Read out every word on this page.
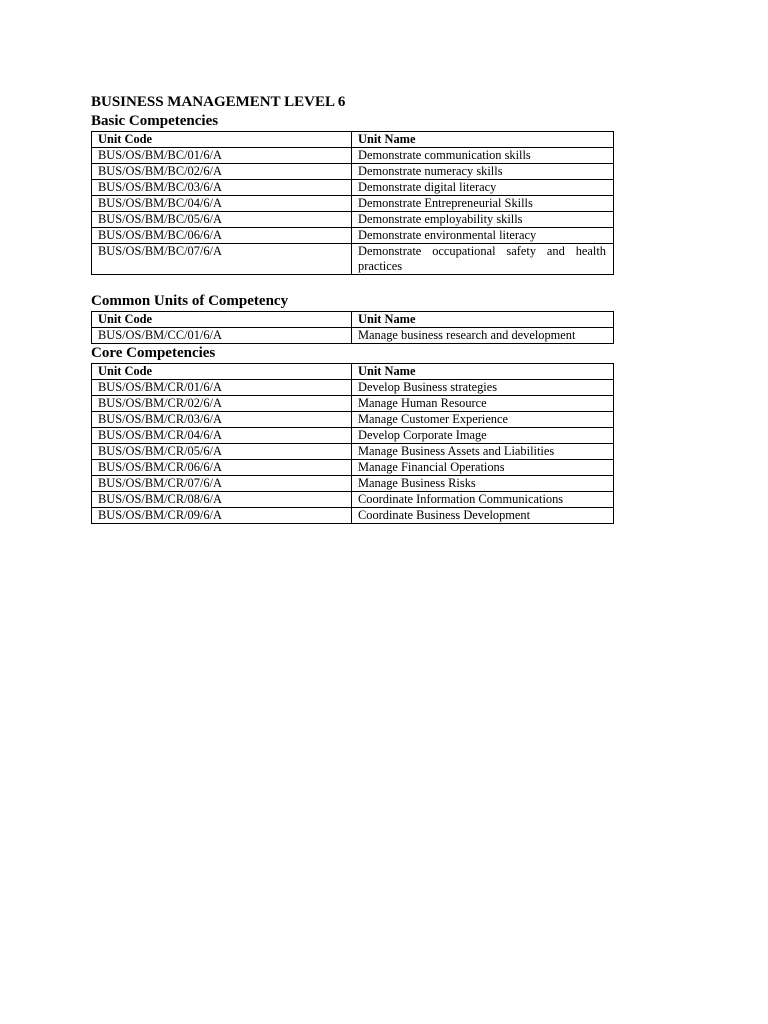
BUSINESS MANAGEMENT LEVEL 6
Basic Competencies
Unit Code	Unit Name
BUS/OS/BM/BC/01/6/A	Demonstrate communication skills
BUS/OS/BM/BC/02/6/A	Demonstrate numeracy skills
BUS/OS/BM/BC/03/6/A	Demonstrate digital literacy
BUS/OS/BM/BC/04/6/A	Demonstrate Entrepreneurial Skills
BUS/OS/BM/BC/05/6/A	Demonstrate employability skills
BUS/OS/BM/BC/06/6/A	Demonstrate environmental literacy
BUS/OS/BM/BC/07/6/A	Demonstrate occupational safety and health practices
Common Units of Competency
Unit Code	Unit Name
BUS/OS/BM/CC/01/6/A	Manage business research and development
Core Competencies
Unit Code	Unit Name
BUS/OS/BM/CR/01/6/A	Develop Business strategies
BUS/OS/BM/CR/02/6/A	Manage Human Resource
BUS/OS/BM/CR/03/6/A	Manage Customer Experience
BUS/OS/BM/CR/04/6/A	Develop Corporate Image
BUS/OS/BM/CR/05/6/A	Manage Business Assets and Liabilities
BUS/OS/BM/CR/06/6/A	Manage Financial Operations
BUS/OS/BM/CR/07/6/A	Manage Business Risks
BUS/OS/BM/CR/08/6/A	Coordinate Information Communications
BUS/OS/BM/CR/09/6/A	Coordinate Business Development
